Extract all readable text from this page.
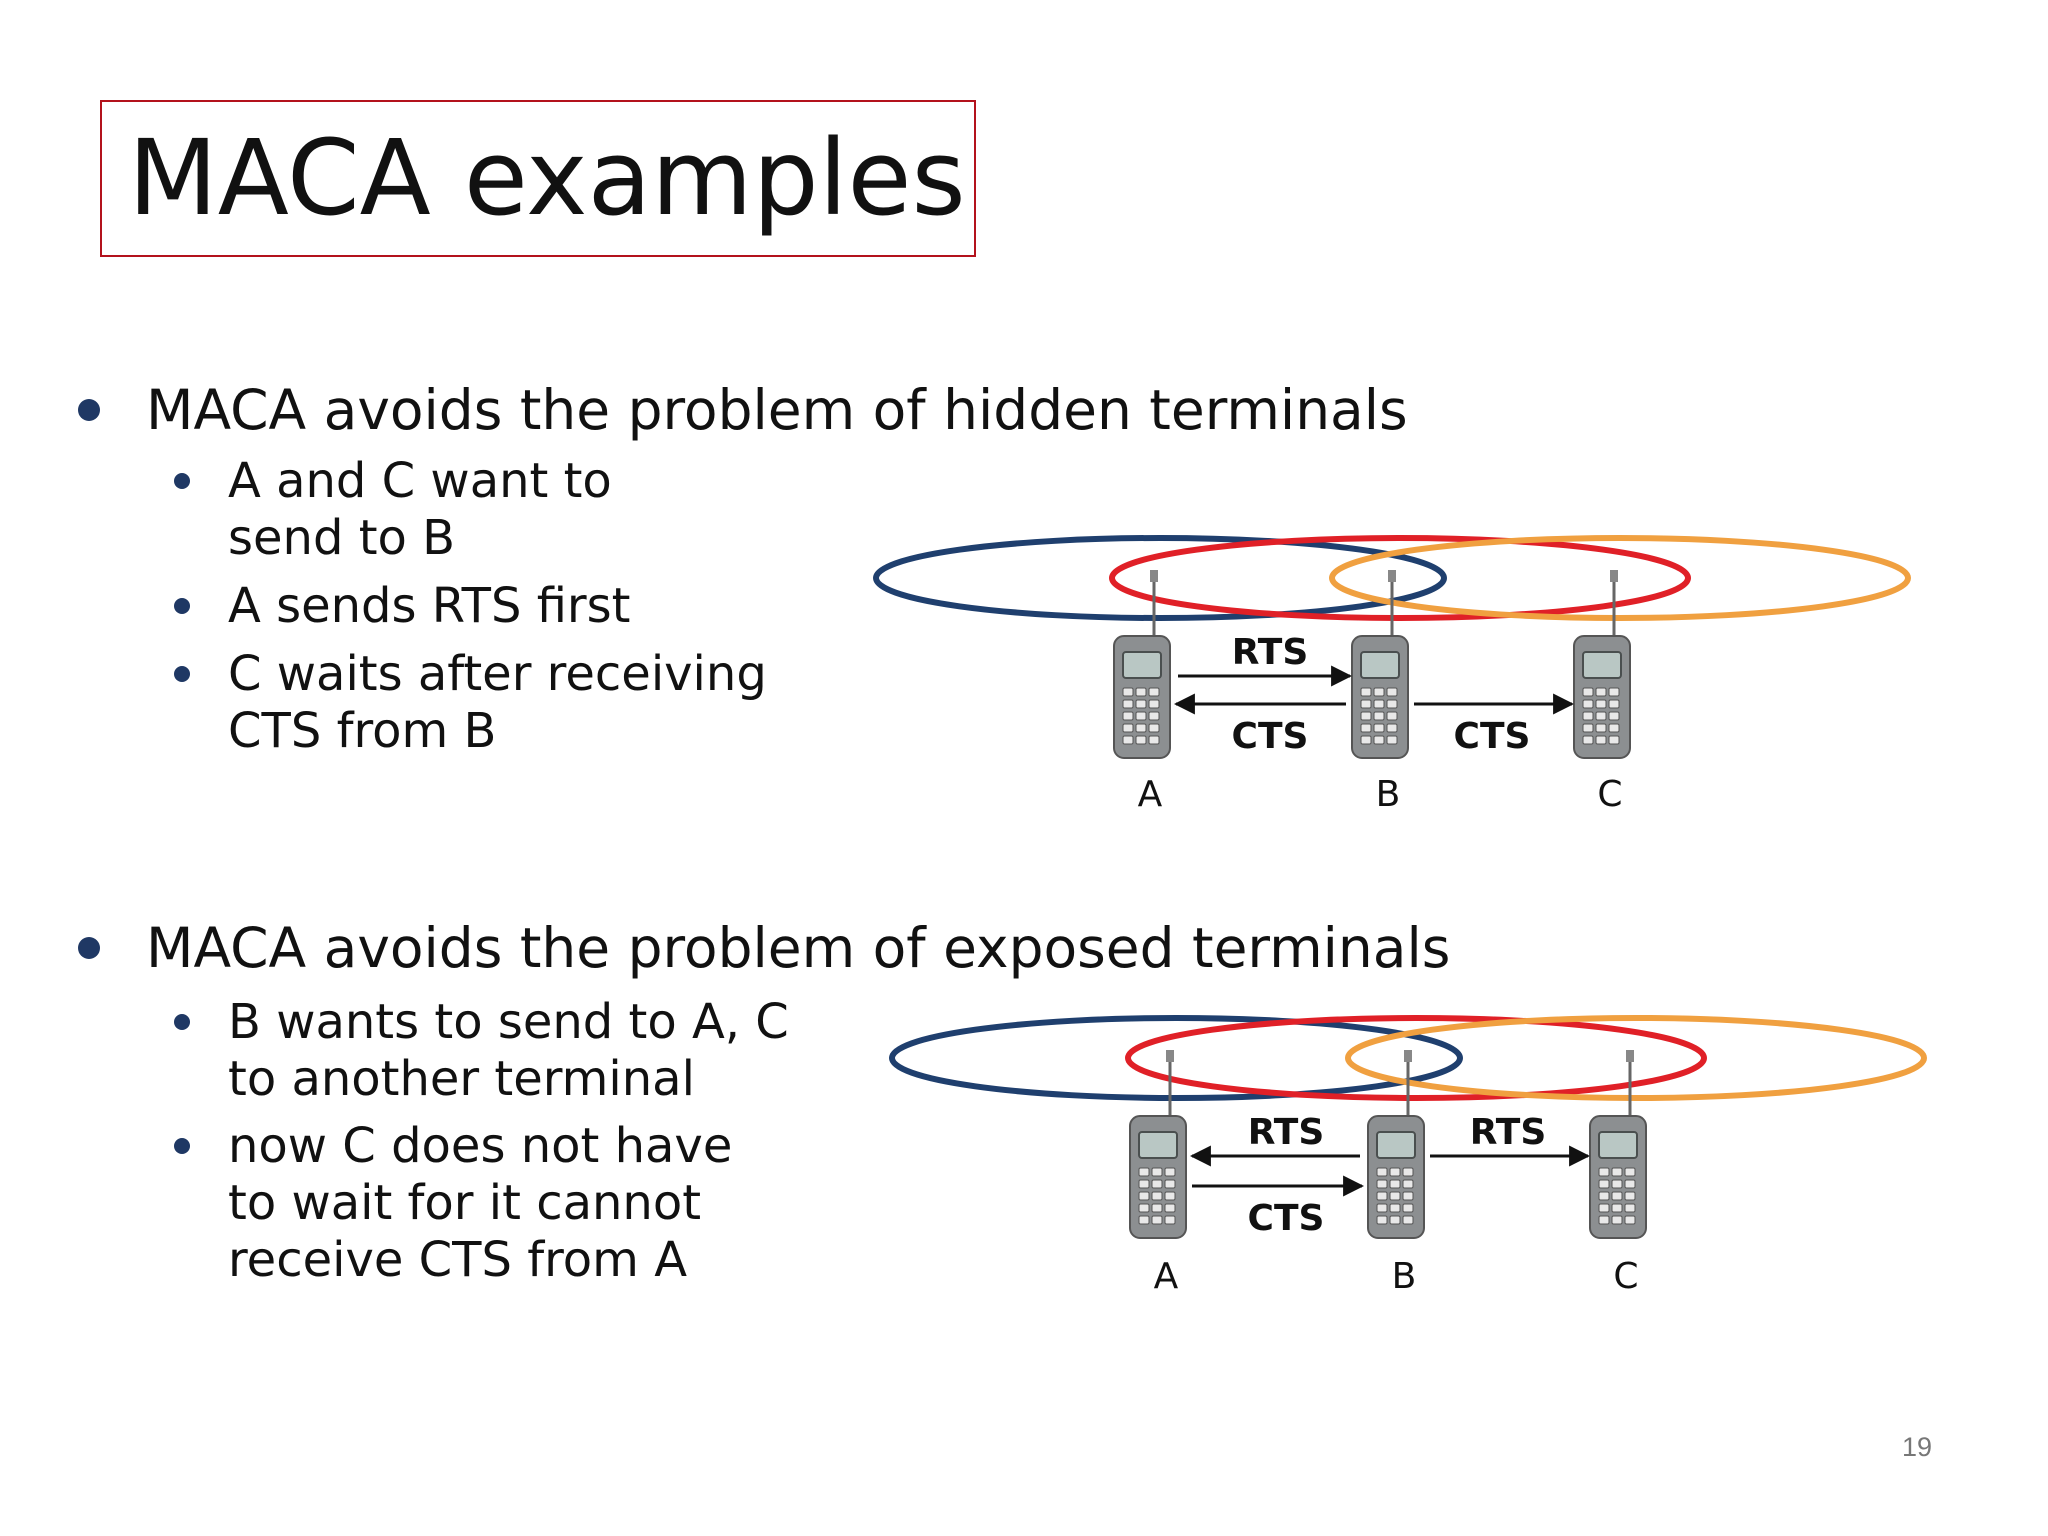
MACA examples
MACA avoids the problem of hidden terminals
A and C want to
send to B
A sends RTS first
C waits after receiving
CTS from B
MACA avoids the problem of exposed terminals
B wants to send to A, C
to another terminal
now C does not have
to wait for it cannot
receive CTS from A
A	B	C
RTS
CTS	CTS
A	B	C
RTS	RTS
CTS
19
